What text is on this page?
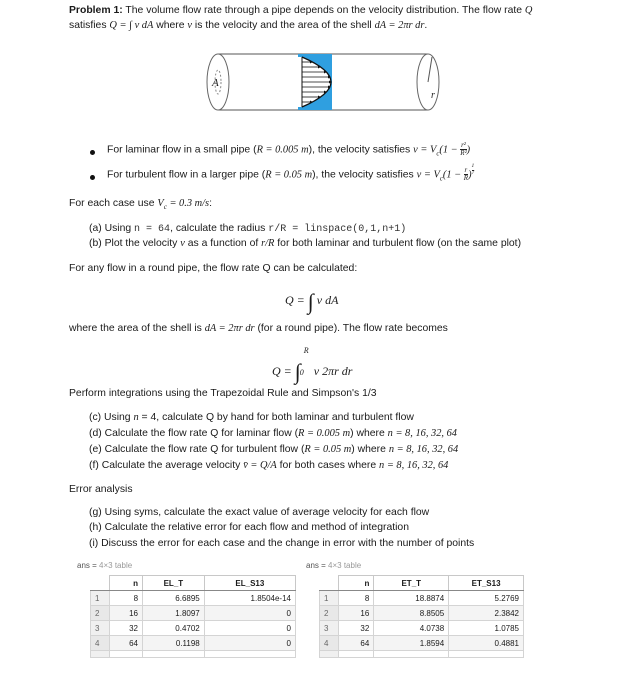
Problem 1: The volume flow rate through a pipe depends on the velocity distribution. The flow rate Q
satisfies Q = ∫ v dA where v is the velocity and the area of the shell dA = 2πr dr.
A
r
For laminar flow in a small pipe (R = 0.005 m), the velocity satisfies $v = V_c(1 - \frac{\text{r²}}{\text{R²}}$ )
For turbulent flow in a larger pipe (R = 0.05 m), the velocity satisfies $v = V_c(1 - \frac{r}{R}$ ) $\frac{1}{7}$
For each case use $V_c = 0.3$ m/s:
(a) Using n = 64, calculate the radius r/R = linspace(0,1,n+1)
(b) Plot the velocity v as a function of r/R for both laminar and turbulent flow (on the same plot)
For any flow in a round pipe, the flow rate Q can be calculated:
Q = ∫ v dA
where the area of the shell is dA = 2πr dr (for a round pipe). The flow rate becomes
Q = ∫
R
0 v 2πr dr
Perform integrations using the Trapezoidal Rule and Simpson's 1/3
(c) Using n = 4, calculate Q by hand for both laminar and turbulent flow
(d) Calculate the flow rate Q for laminar flow (R = 0.005 m) where n = 8, 16, 32, 64
(e) Calculate the flow rate Q for turbulent flow (R = 0.05 m) where n = 8, 16, 32, 64
(f) Calculate the average velocity v̄ = Q/A for both cases where n = 8, 16, 32, 64
Error analysis
(g) Using syms, calculate the exact value of average velocity for each flow
(h) Calculate the relative error for each flow and method of integration
(i) Discuss the error for each case and the change in error with the number of points
ans = 4×3 table
	n	EL_T	EL_S13
1	8	6.6895	1.8504e-14
2	16	1.8097	0
3	32	0.4702	0
4	64	0.1198	0

ans = 4×3 table
	n	ET_T	ET_S13
1	8	18.8874	5.2769
2	16	8.8505	2.3842
3	32	4.0738	1.0785
4	64	1.8594	0.4881
